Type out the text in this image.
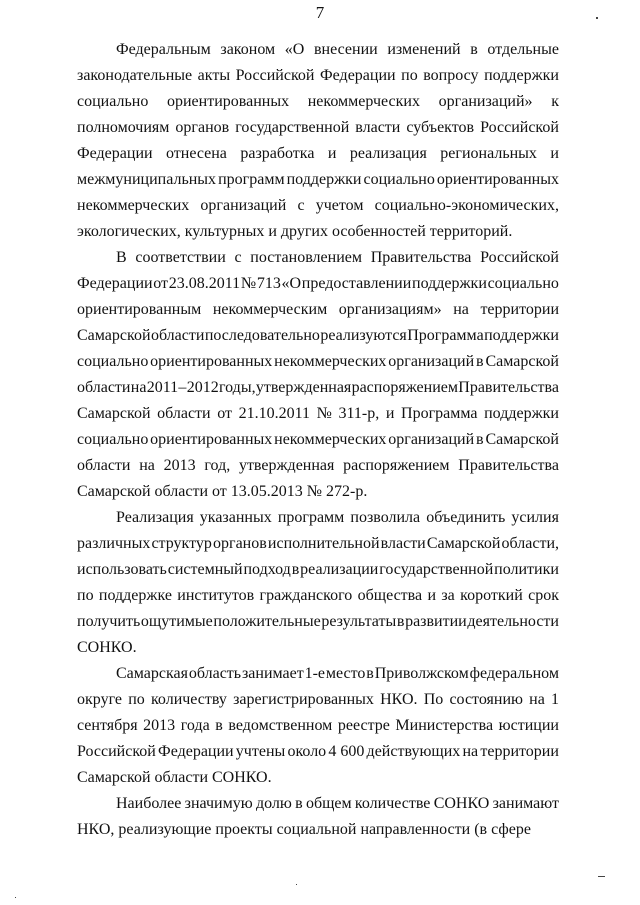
7
Федеральным законом «О внесении изменений в отдельные
законодательные акты Российской Федерации по вопросу поддержки
социально ориентированных некоммерческих организаций» к
полномочиям органов государственной власти субъектов Российской
Федерации отнесена разработка и реализация региональных и
межмуниципальных программ поддержки социально ориентированных
некоммерческих организаций с учетом социально-экономических,
экологических, культурных и других особенностей территорий.
В соответствии с постановлением Правительства Российской
Федерации от 23.08.2011 № 713 «О предоставлении поддержки социально
ориентированным некоммерческим организациям» на территории
Самарской области последовательно реализуются Программа поддержки
социально ориентированных некоммерческих организаций в Самарской
области на 2011 – 2012 годы, утвержденная распоряжением Правительства
Самарской области от 21.10.2011 № 311-р, и Программа поддержки
социально ориентированных некоммерческих организаций в Самарской
области на 2013 год, утвержденная распоряжением Правительства
Самарской области от 13.05.2013 № 272-р.
Реализация указанных программ позволила объединить усилия
различных структур органов исполнительной власти Самарской области,
использовать системный подход в реализации государственной политики
по поддержке институтов гражданского общества и за короткий срок
получить ощутимые положительные результаты в развитии деятельности
СОНКО.
Самарская область занимает 1-е место в Приволжском федеральном
округе по количеству зарегистрированных НКО. По состоянию на 1
сентября 2013 года в ведомственном реестре Министерства юстиции
Российской Федерации учтены около 4 600 действующих на территории
Самарской области СОНКО.
Наиболее значимую долю в общем количестве СОНКО занимают
НКО, реализующие проекты социальной направленности (в сфере
